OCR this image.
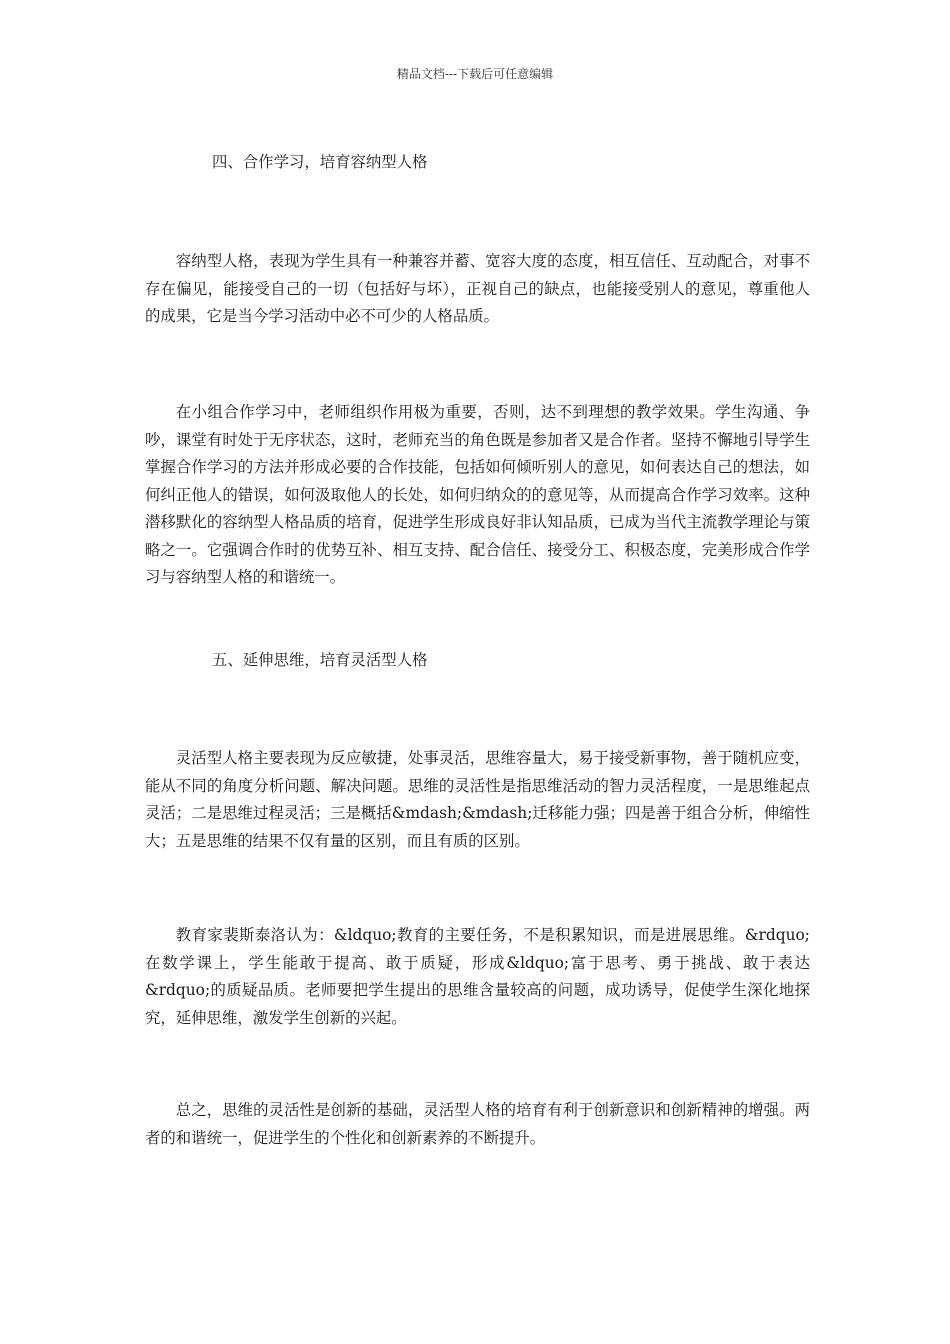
精品文档---下载后可任意编辑
四、合作学习，培育容纳型人格

容纳型人格，表现为学生具有一种兼容并蓄、宽容大度的态度，相互信任、互动配合，对事不存在偏见，能接受自己的一切（包括好与坏），正视自己的缺点，也能接受别人的意见，尊重他人的成果，它是当今学习活动中必不可少的人格品质。

在小组合作学习中，老师组织作用极为重要，否则，达不到理想的教学效果。学生沟通、争吵，课堂有时处于无序状态，这时，老师充当的角色既是参加者又是合作者。坚持不懈地引导学生掌握合作学习的方法并形成必要的合作技能，包括如何倾听别人的意见，如何表达自己的想法，如何纠正他人的错误，如何汲取他人的长处，如何归纳众的的意见等，从而提高合作学习效率。这种潜移默化的容纳型人格品质的培育，促进学生形成良好非认知品质，已成为当代主流教学理论与策略之一。它强调合作时的优势互补、相互支持、配合信任、接受分工、积极态度，完美形成合作学习与容纳型人格的和谐统一。

五、延伸思维，培育灵活型人格

灵活型人格主要表现为反应敏捷，处事灵活，思维容量大，易于接受新事物，善于随机应变，能从不同的角度分析问题、解决问题。思维的灵活性是指思维活动的智力灵活程度，一是思维起点灵活；二是思维过程灵活；三是概括&mdash;&mdash;迁移能力强；四是善于组合分析，伸缩性大；五是思维的结果不仅有量的区别，而且有质的区别。

教育家裴斯泰洛认为：&ldquo;教育的主要任务，不是积累知识，而是进展思维。&rdquo;在数学课上，学生能敢于提高、敢于质疑，形成&ldquo;富于思考、勇于挑战、敢于表达&rdquo;的质疑品质。老师要把学生提出的思维含量较高的问题，成功诱导，促使学生深化地探究，延伸思维，激发学生创新的兴起。

总之，思维的灵活性是创新的基础，灵活型人格的培育有利于创新意识和创新精神的增强。两者的和谐统一，促进学生的个性化和创新素养的不断提升。
